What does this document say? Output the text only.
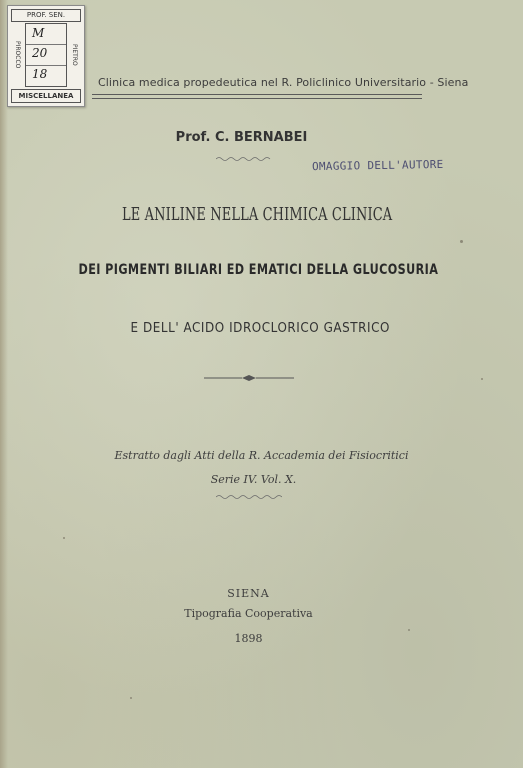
PROF. SEN.
PIROCCO
M
20
18
PIETRO
MISCELLANEA
Clinica medica propedeutica nel R. Policlinico Universitario - Siena
Prof. C. BERNABEI
OMAGGIO DELL'AUTORE
LE ANILINE NELLA CHIMICA CLINICA
DEI PIGMENTI BILIARI ED EMATICI DELLA GLUCOSURIA
E DELL' ACIDO IDROCLORICO GASTRICO
Estratto dagli Atti della R. Accademia dei Fisiocritici
Serie IV. Vol. X.
SIENA
Tipografia Cooperativa
1898
